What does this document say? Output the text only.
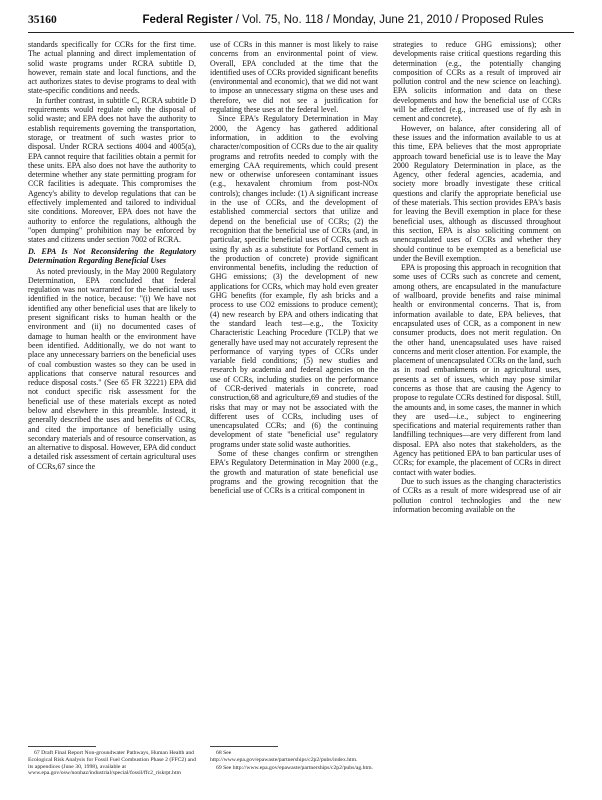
35160	Federal Register / Vol. 75, No. 118 / Monday, June 21, 2010 / Proposed Rules

standards specifically for CCRs for the first time. The actual planning and direct implementation of solid waste programs under RCRA subtitle D, however, remain state and local functions, and the act authorizes states to devise programs to deal with state-specific conditions and needs.

In further contrast, in subtitle C, RCRA subtitle D requirements would regulate only the disposal of solid waste; and EPA does not have the authority to establish requirements governing the transportation, storage, or treatment of such wastes prior to disposal. Under RCRA sections 4004 and 4005(a), EPA cannot require that facilities obtain a permit for these units. EPA also does not have the authority to determine whether any state permitting program for CCR facilities is adequate. This compromises the Agency's ability to develop regulations that can be effectively implemented and tailored to individual site conditions. Moreover, EPA does not have the authority to enforce the regulations, although the "open dumping" prohibition may be enforced by states and citizens under section 7002 of RCRA.

D. EPA Is Not Reconsidering the Regulatory Determination Regarding Beneficial Uses

As noted previously, in the May 2000 Regulatory Determination, EPA concluded that federal regulation was not warranted for the beneficial uses identified in the notice, because: "(i) We have not identified any other beneficial uses that are likely to present significant risks to human health or the environment and (ii) no documented cases of damage to human health or the environment have been identified. Additionally, we do not want to place any unnecessary barriers on the beneficial uses of coal combustion wastes so they can be used in applications that conserve natural resources and reduce disposal costs." (See 65 FR 32221) EPA did not conduct specific risk assessment for the beneficial use of these materials except as noted below and elsewhere in this preamble. Instead, it generally described the uses and benefits of CCRs, and cited the importance of beneficially using secondary materials and of resource conservation, as an alternative to disposal. However, EPA did conduct a detailed risk assessment of certain agricultural uses of CCRs,67 since the

use of CCRs in this manner is most likely to raise concerns from an environmental point of view. Overall, EPA concluded at the time that the identified uses of CCRs provided significant benefits (environmental and economic), that we did not want to impose an unnecessary stigma on these uses and therefore, we did not see a justification for regulating these uses at the federal level.

Since EPA's Regulatory Determination in May 2000, the Agency has gathered additional information, in addition to the evolving character/composition of CCRs due to the air quality programs and retrofits needed to comply with the emerging CAA requirements, which could present new or otherwise unforeseen contaminant issues (e.g., hexavalent chromium from post-NOx controls); changes include: (1) A significant increase in the use of CCRs, and the development of established commercial sectors that utilize and depend on the beneficial use of CCRs; (2) the recognition that the beneficial use of CCRs (and, in particular, specific beneficial uses of CCRs, such as using fly ash as a substitute for Portland cement in the production of concrete) provide significant environmental benefits, including the reduction of GHG emissions; (3) the development of new applications for CCRs, which may hold even greater GHG benefits (for example, fly ash bricks and a process to use CO2 emissions to produce cement); (4) new research by EPA and others indicating that the standard leach test—e.g., the Toxicity Characteristic Leaching Procedure (TCLP) that we generally have used may not accurately represent the performance of varying types of CCRs under variable field conditions; (5) new studies and research by academia and federal agencies on the use of CCRs, including studies on the performance of CCR-derived materials in concrete, road construction,68 and agriculture,69 and studies of the risks that may or may not be associated with the different uses of CCRs, including uses of unencapsulated CCRs; and (6) the continuing development of state "beneficial use" regulatory programs under state solid waste authorities.

Some of these changes confirm or strengthen EPA's Regulatory Determination in May 2000 (e.g., the growth and maturation of state beneficial use programs and the growing recognition that the beneficial use of CCRs is a critical component in

strategies to reduce GHG emissions); other developments raise critical questions regarding this determination (e.g., the potentially changing composition of CCRs as a result of improved air pollution control and the new science on leaching). EPA solicits information and data on these developments and how the beneficial use of CCRs will be affected (e.g., increased use of fly ash in cement and concrete).

However, on balance, after considering all of these issues and the information available to us at this time, EPA believes that the most appropriate approach toward beneficial use is to leave the May 2000 Regulatory Determination in place, as the Agency, other federal agencies, academia, and society more broadly investigate these critical questions and clarify the appropriate beneficial use of these materials. This section provides EPA's basis for leaving the Bevill exemption in place for these beneficial uses, although as discussed throughout this section, EPA is also soliciting comment on unencapsulated uses of CCRs and whether they should continue to be exempted as a beneficial use under the Bevill exemption.

EPA is proposing this approach in recognition that some uses of CCRs such as concrete and cement, among others, are encapsulated in the manufacture of wallboard, provide benefits and raise minimal health or environmental concerns. That is, from information available to date, EPA believes, that encapsulated uses of CCR, as a component in new consumer products, does not merit regulation. On the other hand, unencapsulated uses have raised concerns and merit closer attention. For example, the placement of unencapsulated CCRs on the land, such as in road embankments or in agricultural uses, presents a set of issues, which may pose similar concerns as those that are causing the Agency to propose to regulate CCRs destined for disposal. Still, the amounts and, in some cases, the manner in which they are used—i.e., subject to engineering specifications and material requirements rather than landfilling techniques—are very different from land disposal. EPA also notes that stakeholders, as the Agency has petitioned EPA to ban particular uses of CCRs; for example, the placement of CCRs in direct contact with water bodies.

Due to such issues as the changing characteristics of CCRs as a result of more widespread use of air pollution control technologies and the new information becoming available on the

67 Draft Final Report Non-groundwater Pathways, Human Health and Ecological Risk Analysis for Fossil Fuel Combustion Phase 2 (FFC2) and its appendices (June 30, 1998), available at www.epa.gov/osw/nonhaz/industrial/special/fossil/ffc2_riskrpt.htm

68 See http://www.epa.gov/epawaste/partnerships/c2p2/pubs/index.htm.

69 See http://www.epa.gov/epawaste/partnerships/c2p2/pubs/ag.htm.
